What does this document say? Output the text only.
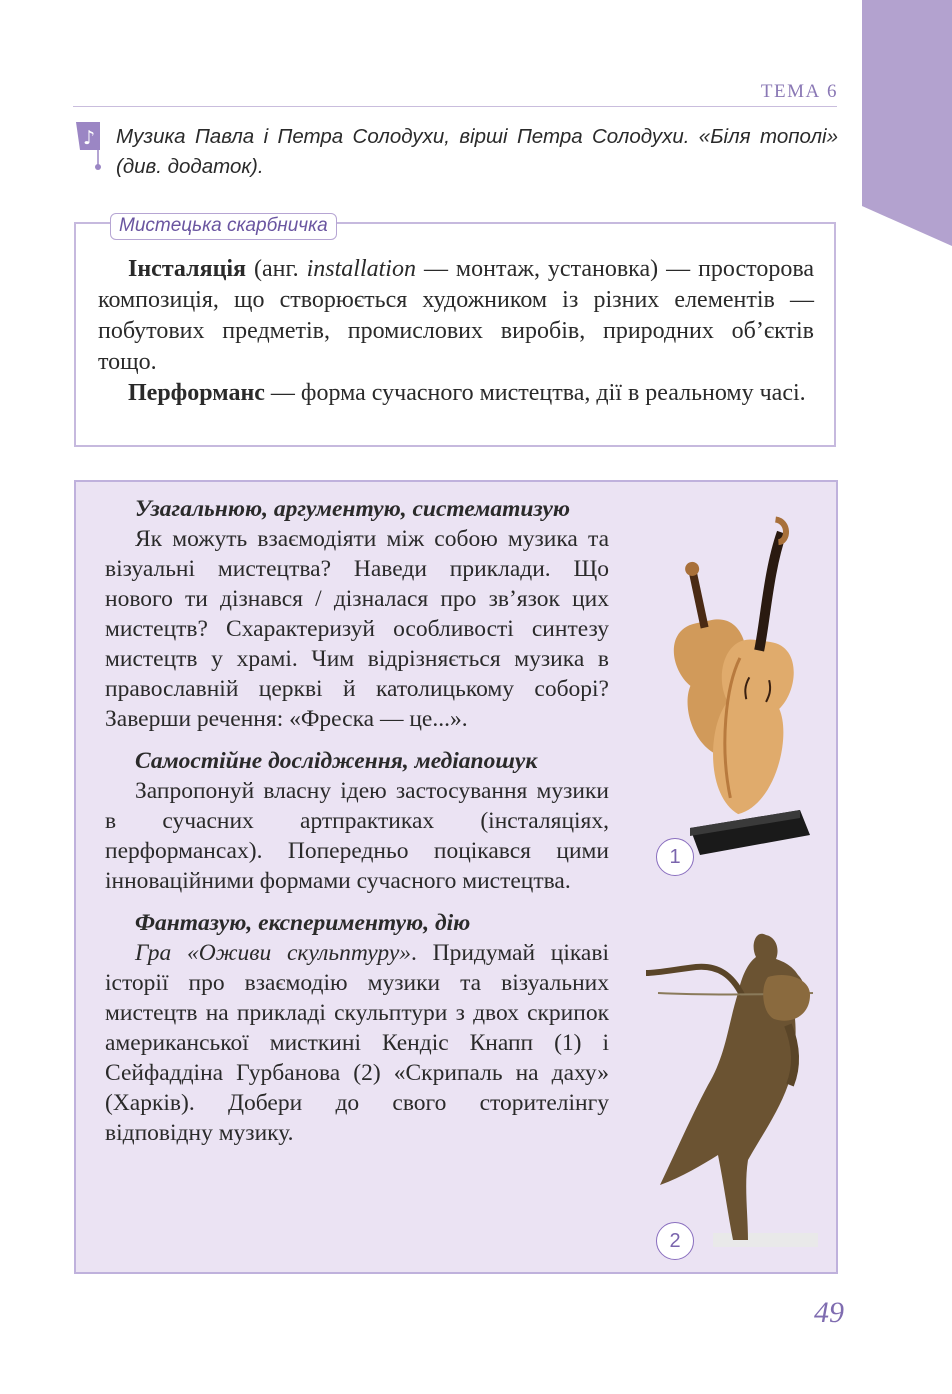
ТЕМА 6
♪ Музика Павла і Петра Солодухи, вірші Петра Солодухи. «Біля тополі» (див. додаток).
Мистецька скарбничка

Інсталяція (анг. installation — монтаж, установка) — просторова композиція, що створюється художником із різних елементів — побутових предметів, промислових виробів, природних об’єктів тощо.

Перформанс — форма сучасного мистецтва, дії в реальному часі.

Узагальнюю, аргументую, систематизую

Як можуть взаємодіяти між собою музика та візуальні мистецтва? Наведи приклади. Що нового ти дізнався / дізналася про зв’язок цих мистецтв? Схарактеризуй особливості синтезу мистецтв у храмі. Чим відрізняється музика в православній церкві й католицькому соборі? Заверши речення: «Фреска — це...».

Самостійне дослідження, медіапошук

Запропонуй власну ідею застосування музики в сучасних артпрактиках (інсталяціях, перформансах). Попередньо поцікався цими інноваційними формами сучасного мистецтва.

Фантазую, експериментую, дію

Гра «Оживи скульптуру». Придумай цікаві історії про взаємодію музики та візуальних мистецтв на прикладі скульптури з двох скрипок американської мисткині Кендіс Кнапп (1) і Сейфаддіна Гурбанова (2) «Скрипаль на даху» (Харків). Добери до свого сторителінгу відповідну музику.

1
2
49
